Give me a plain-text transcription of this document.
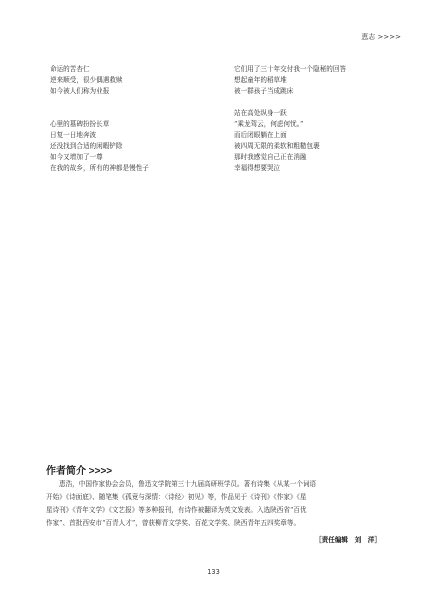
恵志 >>>>
命运的苦杏仁
逆来顺受，很少偶遇救赎
如今被人们称为业报
心里的墓碑扮扮长草
日复一日地奔波
还没找到合适的闲暇铲除
如今又增加了一尊
在我的故乡，所有的神都是慢性子
它们用了三十年交付我一个隐秘的回答
想起童年的稻草堆
被一群孩子当成跳床
站在高处纵身一跃
“乘龙驾云，何虑何忧。”
而后闭眼躺在上面
被四周无限的柔软和粗糙包裹
那时我感觉自己正在消融
幸福得想要哭泣
作者简介 >>>>
恵浩，中国作家协会会员，鲁迅文学院第三十九届高研班学员。著有诗集《从某一个词语
开始》《诗面底》、随笔集《孤竟与深情：〈诗经〉初见》等，作品见于《诗刊》《作家》《星
星诗刊》《青年文学》《文艺报》等多种报刊，有诗作被翻译为英文发表。入选陕西省“百优
作家”、首批西安市“百青人才”，曾获柳青文学奖、百花文学奖、陕西青年五四奖章等。
［责任编辑　刘　洋］
133
